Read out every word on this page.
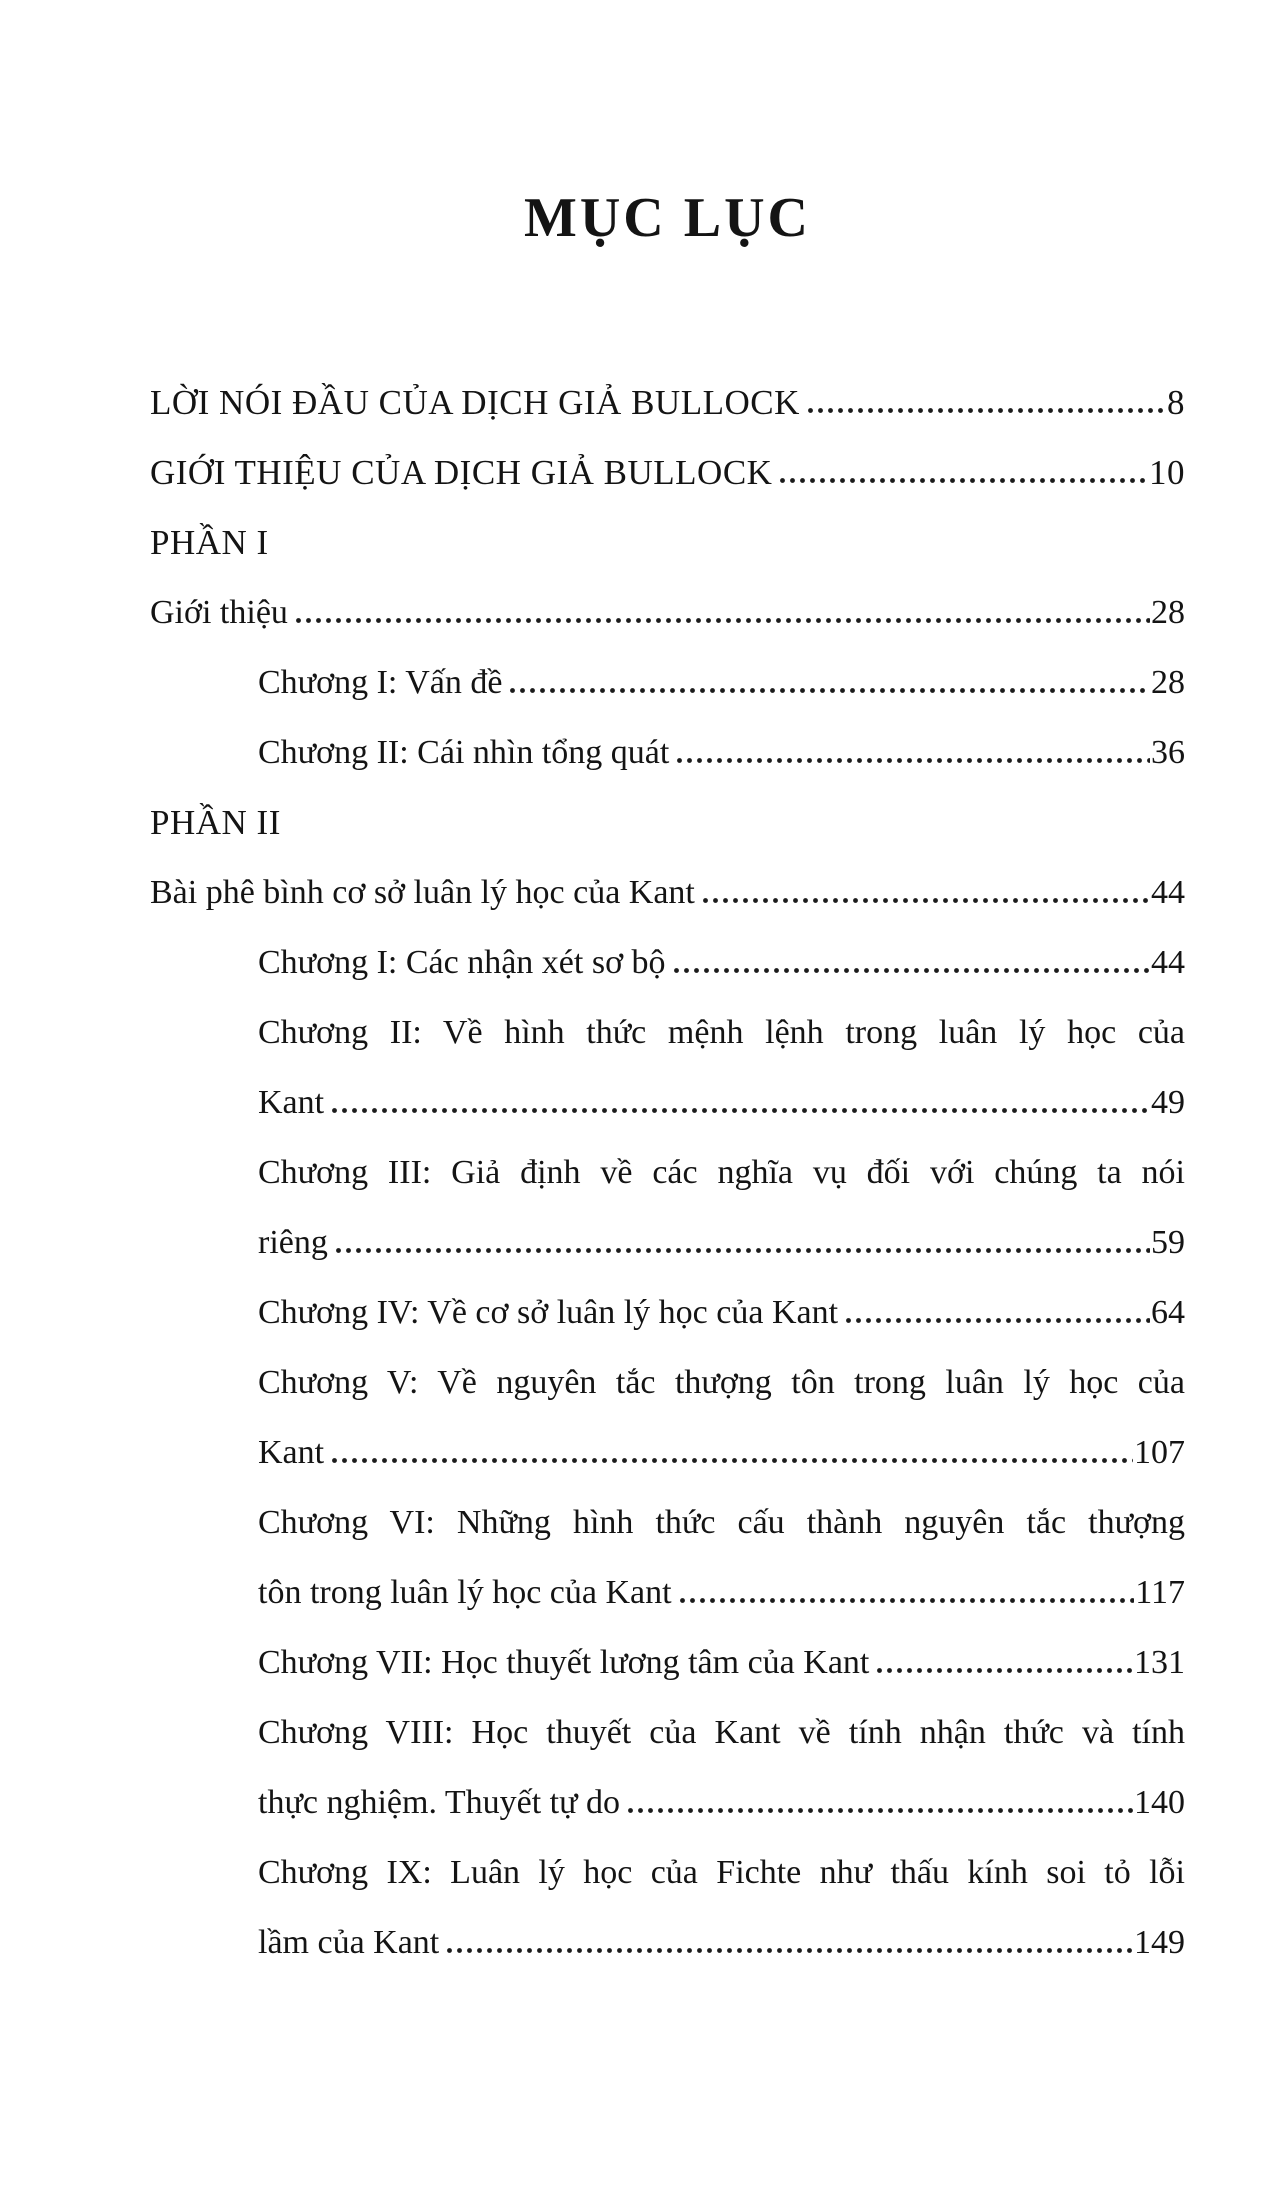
MỤC LỤC
LỜI NÓI ĐẦU CỦA DỊCH GIẢ BULLOCK	8
GIỚI THIỆU CỦA DỊCH GIẢ BULLOCK	10
PHẦN I
Giới thiệu	28
Chương I: Vấn đề	28
Chương II: Cái nhìn tổng quát	36
PHẦN II
Bài phê bình cơ sở luân lý học của Kant	44
Chương I: Các nhận xét sơ bộ	44
Chương II: Về hình thức mệnh lệnh trong luân lý học của
Kant	49
Chương III: Giả định về các nghĩa vụ đối với chúng ta nói
riêng	59
Chương IV: Về cơ sở luân lý học của Kant	64
Chương V: Về nguyên tắc thượng tôn trong luân lý học của
Kant	107
Chương VI: Những hình thức cấu thành nguyên tắc thượng
tôn trong luân lý học của Kant	117
Chương VII: Học thuyết lương tâm của Kant	131
Chương VIII: Học thuyết của Kant về tính nhận thức và tính
thực nghiệm. Thuyết tự do	140
Chương IX: Luân lý học của Fichte như thấu kính soi tỏ lỗi
lầm của Kant	149
